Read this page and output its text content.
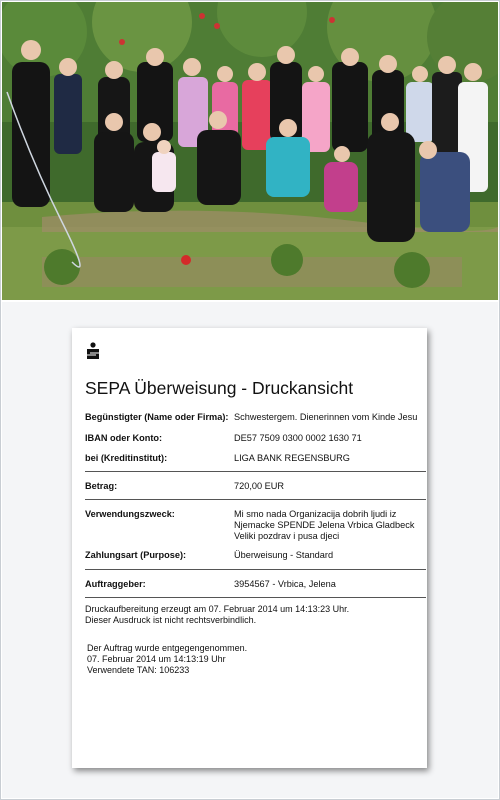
SEPA Überweisung - Druckansicht
Begünstigter (Name oder Firma): Schwestergem. Dienerinnen vom Kinde Jesu
IBAN oder Konto:	DE57 7509 0300 0002 1630 71
bei (Kreditinstitut):	LIGA BANK REGENSBURG
Betrag:	720,00 EUR
Verwendungszweck:	Mi smo nada Organizacija dobrih ljudi iz
Njemacke SPENDE Jelena Vrbica Gladbeck
Veliki pozdrav i pusa djeci
Zahlungsart (Purpose):	Überweisung - Standard
Auftraggeber:	3954567 - Vrbica, Jelena
Druckaufbereitung erzeugt am 07. Februar 2014 um 14:13:23 Uhr.
Dieser Ausdruck ist nicht rechtsverbindlich.
Der Auftrag wurde entgegengenommen.
07. Februar 2014 um 14:13:19 Uhr
Verwendete TAN: 106233
